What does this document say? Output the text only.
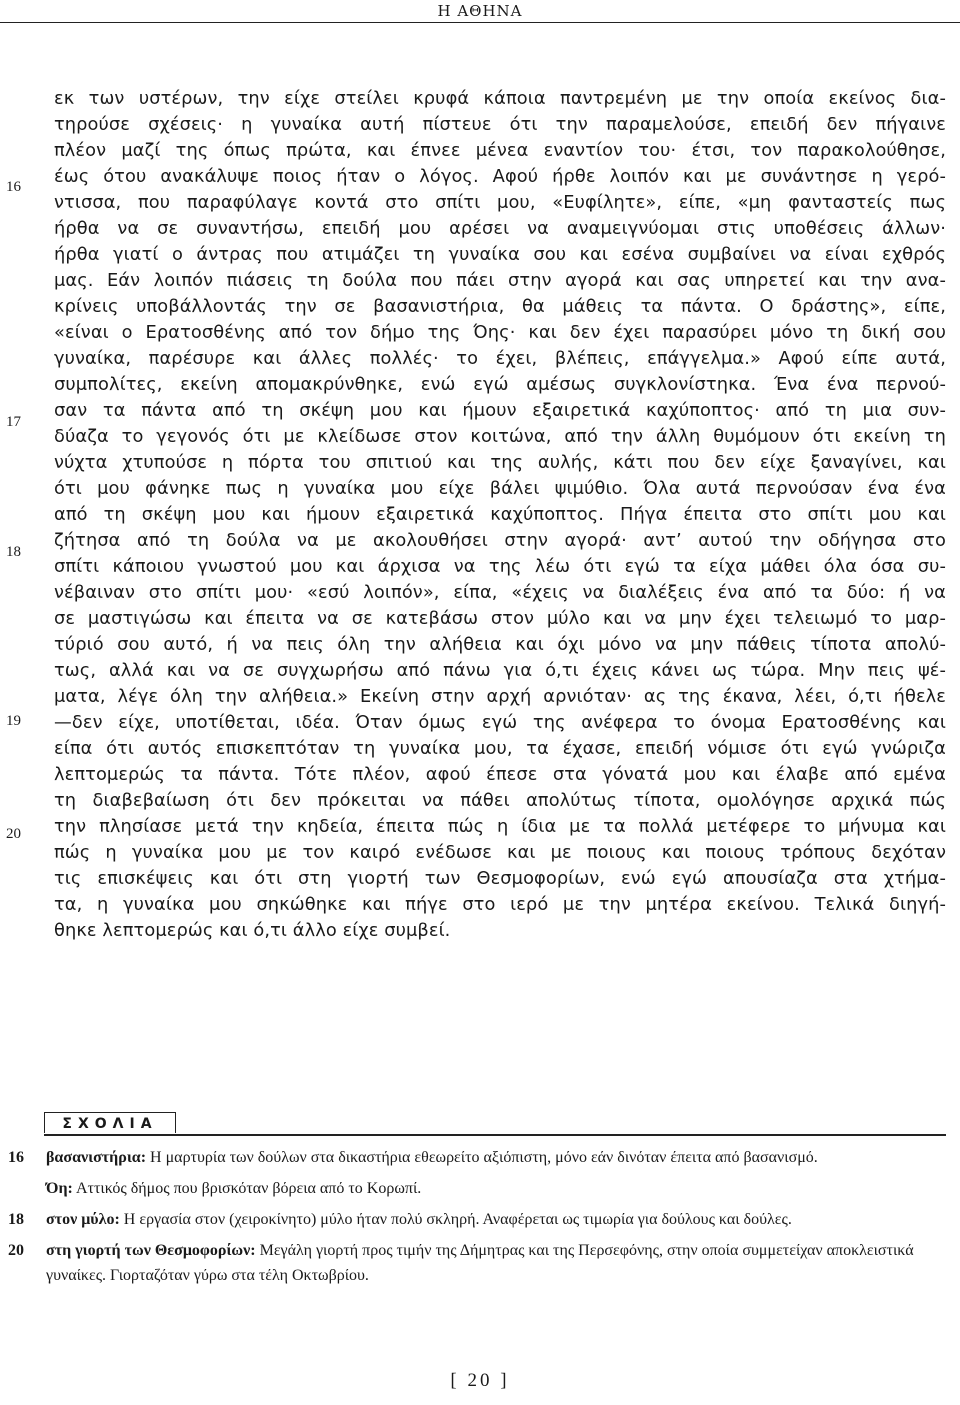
Η ΑΘΗΝΑ
16
17
18
19
20
εκ των υστέρων, την είχε στείλει κρυφά κάποια παντρεμένη με την οποία εκείνος δια-
τηρούσε σχέσεις· η γυναίκα αυτή πίστευε ότι την παραμελούσε, επειδή δεν πήγαινε
πλέον μαζί της όπως πρώτα, και έπνεε μένεα εναντίον του· έτσι, τον παρακολούθησε,
έως ότου ανακάλυψε ποιος ήταν ο λόγος. Αφού ήρθε λοιπόν και με συνάντησε η γερό-
ντισσα, που παραφύλαγε κοντά στο σπίτι μου, «Ευφίλητε», είπε, «μη φανταστείς πως
ήρθα να σε συναντήσω, επειδή μου αρέσει να αναμειγνύομαι στις υποθέσεις άλλων·
ήρθα γιατί ο άντρας που ατιμάζει τη γυναίκα σου και εσένα συμβαίνει να είναι εχθρός
μας. Εάν λοιπόν πιάσεις τη δούλα που πάει στην αγορά και σας υπηρετεί και την ανα-
κρίνεις υποβάλλοντάς την σε βασανιστήρια, θα μάθεις τα πάντα. Ο δράστης», είπε,
«είναι ο Ερατοσθένης από τον δήμο της Όης· και δεν έχει παρασύρει μόνο τη δική σου
γυναίκα, παρέσυρε και άλλες πολλές· το έχει, βλέπεις, επάγγελμα.» Αφού είπε αυτά,
συμπολίτες, εκείνη απομακρύνθηκε, ενώ εγώ αμέσως συγκλονίστηκα. Ένα ένα περνού-
σαν τα πάντα από τη σκέψη μου και ήμουν εξαιρετικά καχύποπτος· από τη μια συν-
δύαζα το γεγονός ότι με κλείδωσε στον κοιτώνα, από την άλλη θυμόμουν ότι εκείνη τη
νύχτα χτυπούσε η πόρτα του σπιτιού και της αυλής, κάτι που δεν είχε ξαναγίνει, και
ότι μου φάνηκε πως η γυναίκα μου είχε βάλει ψιμύθιο. Όλα αυτά περνούσαν ένα ένα
από τη σκέψη μου και ήμουν εξαιρετικά καχύποπτος. Πήγα έπειτα στο σπίτι μου και
ζήτησα από τη δούλα να με ακολουθήσει στην αγορά· αντ’ αυτού την οδήγησα στο
σπίτι κάποιου γνωστού μου και άρχισα να της λέω ότι εγώ τα είχα μάθει όλα όσα συ-
νέβαιναν στο σπίτι μου· «εσύ λοιπόν», είπα, «έχεις να διαλέξεις ένα από τα δύο: ή να
σε μαστιγώσω και έπειτα να σε κατεβάσω στον μύλο και να μην έχει τελειωμό το μαρ-
τύριό σου αυτό, ή να πεις όλη την αλήθεια και όχι μόνο να μην πάθεις τίποτα απολύ-
τως, αλλά και να σε συγχωρήσω από πάνω για ό,τι έχεις κάνει ως τώρα. Μην πεις ψέ-
ματα, λέγε όλη την αλήθεια.» Εκείνη στην αρχή αρνιόταν· ας της έκανα, λέει, ό,τι ήθελε
—δεν είχε, υποτίθεται, ιδέα. Όταν όμως εγώ της ανέφερα το όνομα Ερατοσθένης και
είπα ότι αυτός επισκεπτόταν τη γυναίκα μου, τα έχασε, επειδή νόμισε ότι εγώ γνώριζα
λεπτομερώς τα πάντα. Τότε πλέον, αφού έπεσε στα γόνατά μου και έλαβε από εμένα
τη διαβεβαίωση ότι δεν πρόκειται να πάθει απολύτως τίποτα, ομολόγησε αρχικά πώς
την πλησίασε μετά την κηδεία, έπειτα πώς η ίδια με τα πολλά μετέφερε το μήνυμα και
πώς η γυναίκα μου με τον καιρό ενέδωσε και με ποιους και ποιους τρόπους δεχόταν
τις επισκέψεις και ότι στη γιορτή των Θεσμοφορίων, ενώ εγώ απουσίαζα στα χτήμα-
τα, η γυναίκα μου σηκώθηκε και πήγε στο ιερό με την μητέρα εκείνου. Τελικά διηγή-
θηκε λεπτομερώς και ό,τι άλλο είχε συμβεί.
ΣΧΟΛΙΑ
16 βασανιστήρια: Η μαρτυρία των δούλων στα δικαστήρια εθεωρείτο αξιόπιστη, μόνο εάν δινόταν έπειτα από βασανισμό.
Όη: Αττικός δήμος που βρισκόταν βόρεια από το Κορωπί.
18 στον μύλο: Η εργασία στον (χειροκίνητο) μύλο ήταν πολύ σκληρή. Αναφέρεται ως τιμωρία για δούλους και δούλες.
20 στη γιορτή των Θεσμοφορίων: Μεγάλη γιορτή προς τιμήν της Δήμητρας και της Περσεφόνης, στην οποία συμμετείχαν αποκλειστικά γυναίκες. Γιορταζόταν γύρω στα τέλη Οκτωβρίου.
[ 20 ]
